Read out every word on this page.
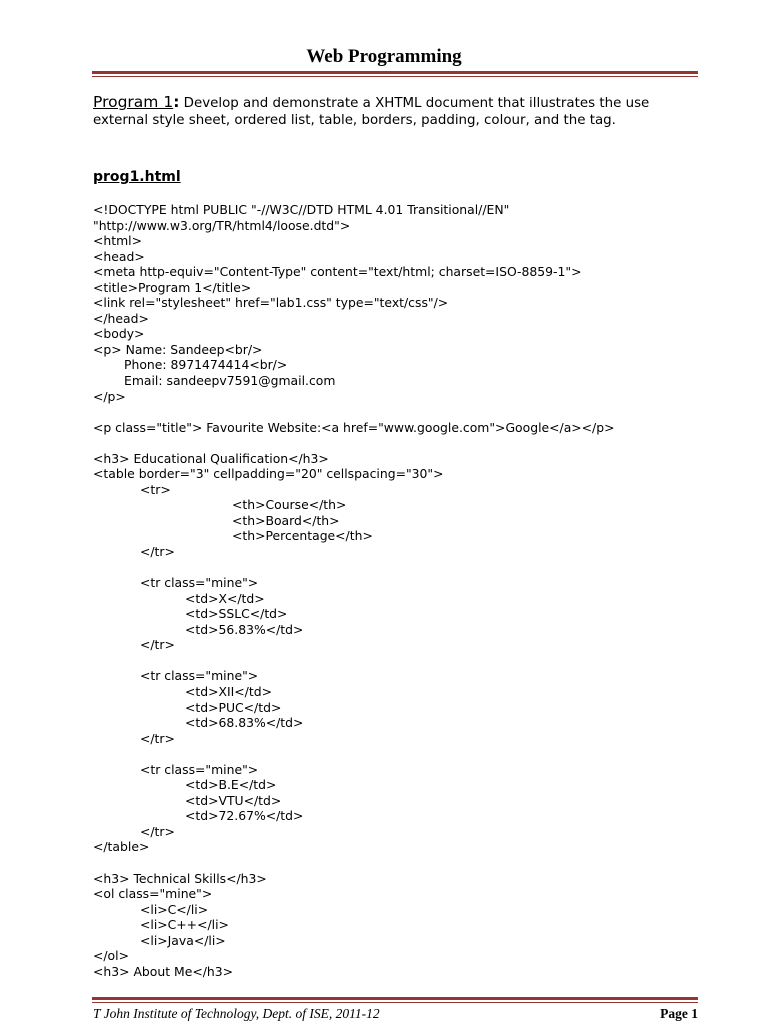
Web Programming
Program 1: Develop and demonstrate a XHTML document that illustrates the use external style sheet, ordered list, table, borders, padding, colour, and the tag.
prog1.html
<!DOCTYPE html PUBLIC "-//W3C//DTD HTML 4.01 Transitional//EN"
"http://www.w3.org/TR/html4/loose.dtd">
<html>
<head>
<meta http-equiv="Content-Type" content="text/html; charset=ISO-8859-1">
<title>Program 1</title>
<link rel="stylesheet" href="lab1.css" type="text/css"/>
</head>
<body>
<p> Name: Sandeep<br/>
Phone: 8971474414<br/>
Email: sandeepv7591@gmail.com
</p>
<p class="title"> Favourite Website:<a href="www.google.com">Google</a></p>
<h3> Educational Qualification</h3>
<table border="3" cellpadding="20" cellspacing="30">
<tr>
<th>Course</th>
<th>Board</th>
<th>Percentage</th>
</tr>
<tr class="mine">
<td>X</td>
<td>SSLC</td>
<td>56.83%</td>
</tr>
<tr class="mine">
<td>XII</td>
<td>PUC</td>
<td>68.83%</td>
</tr>
<tr class="mine">
<td>B.E</td>
<td>VTU</td>
<td>72.67%</td>
</tr>
</table>
<h3> Technical Skills</h3>
<ol class="mine">
<li>C</li>
<li>C++</li>
<li>Java</li>
</ol>
<h3> About Me</h3>
T John Institute of Technology, Dept. of ISE, 2011-12	Page 1
